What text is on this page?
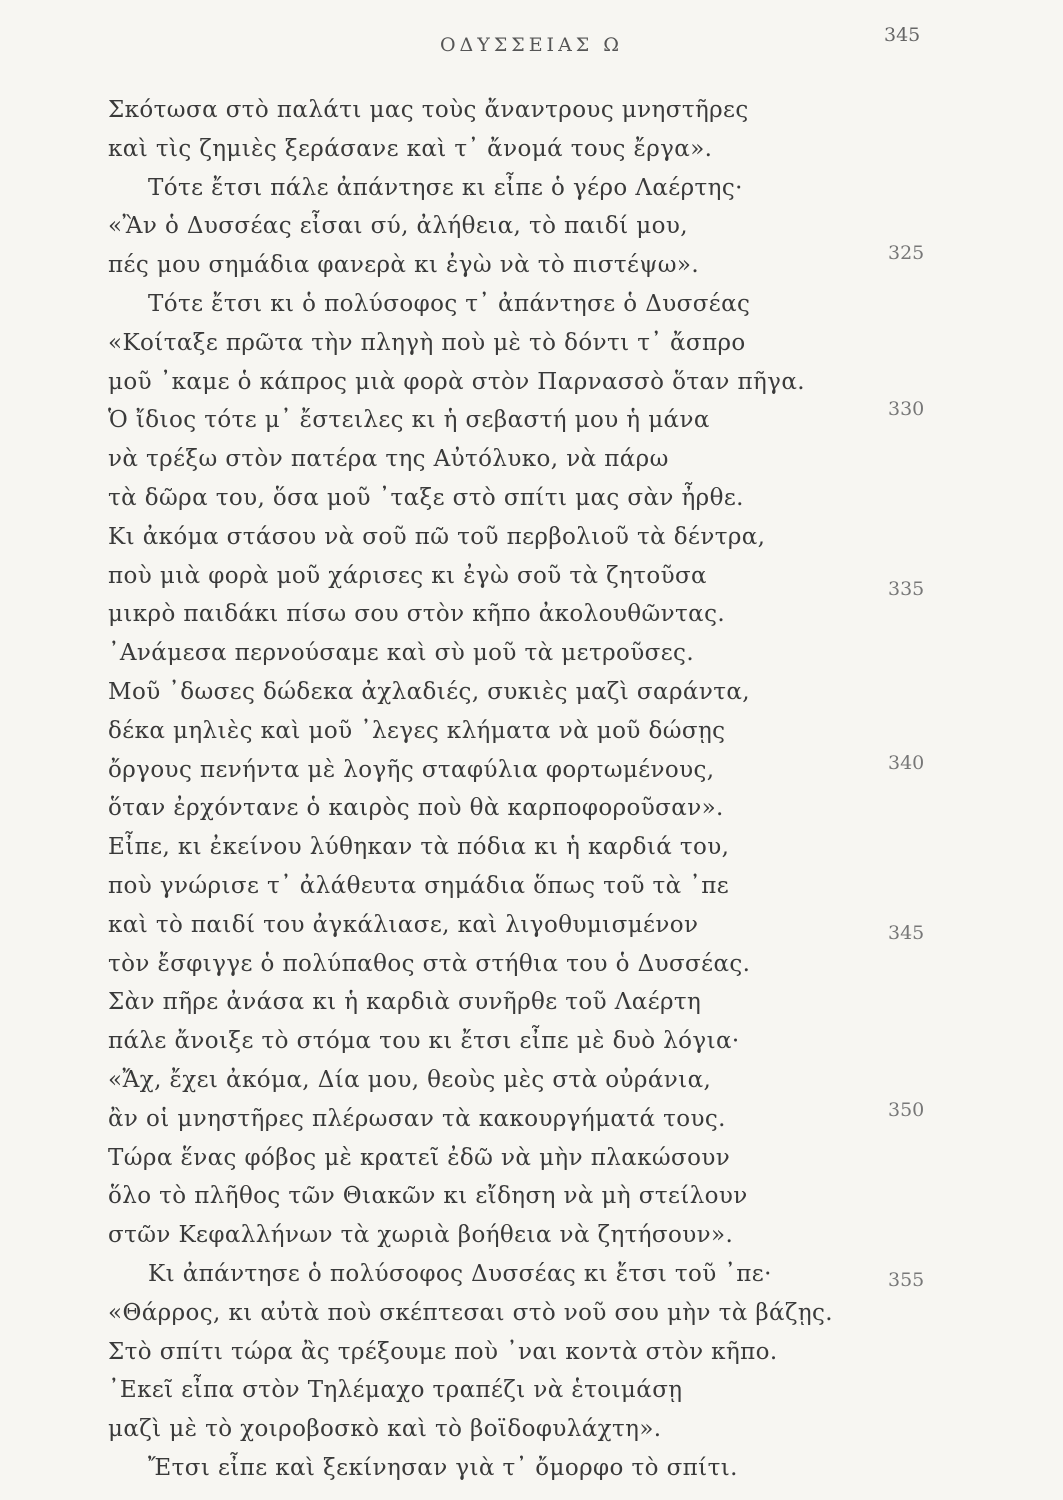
ΟΔΥΣΣΕΙΑΣ Ω	345
Σκότωσα στὸ παλάτι μας τοὺς ἄναντρους μνηστῆρες
καὶ τὶς ζημιὲς ξεράσανε καὶ τ᾿ ἄνομά τους ἔργα».
Τότε ἔτσι πάλε ἀπάντησε κι εἶπε ὁ γέρο Λαέρτης·
«Ἂν ὁ Δυσσέας εἶσαι σύ, ἀλήθεια, τὸ παιδί μου,
πές μου σημάδια φανερὰ κι ἐγὼ νὰ τὸ πιστέψω».
Τότε ἔτσι κι ὁ πολύσοφος τ᾿ ἀπάντησε ὁ Δυσσέας
«Κοίταξε πρῶτα τὴν πληγὴ ποὺ μὲ τὸ δόντι τ᾿ ἄσπρο
μοῦ ᾿καμε ὁ κάπρος μιὰ φορὰ στὸν Παρνασσὸ ὅταν πῆγα.
Ὁ ἴδιος τότε μ᾿ ἔστειλες κι ἡ σεβαστή μου ἡ μάνα
νὰ τρέξω στὸν πατέρα της Αὐτόλυκο, νὰ πάρω
τὰ δῶρα του, ὅσα μοῦ ᾿ταξε στὸ σπίτι μας σὰν ἦρθε.
Κι ἀκόμα στάσου νὰ σοῦ πῶ τοῦ περβολιοῦ τὰ δέντρα,
ποὺ μιὰ φορὰ μοῦ χάρισες κι ἐγὼ σοῦ τὰ ζητοῦσα
μικρὸ παιδάκι πίσω σου στὸν κῆπο ἀκολουθῶντας.
᾿Ανάμεσα περνούσαμε καὶ σὺ μοῦ τὰ μετροῦσες.
Μοῦ ᾿δωσες δώδεκα ἀχλαδιές, συκιὲς μαζὶ σαράντα,
δέκα μηλιὲς καὶ μοῦ ᾿λεγες κλήματα νὰ μοῦ δώσῃς
ὄργους πενήντα μὲ λογῆς σταφύλια φορτωμένους,
ὅταν ἐρχόντανε ὁ καιρὸς ποὺ θὰ καρποφοροῦσαν».
Εἶπε, κι ἐκείνου λύθηκαν τὰ πόδια κι ἡ καρδιά του,
ποὺ γνώρισε τ᾿ ἀλάθευτα σημάδια ὅπως τοῦ τὰ ᾿πε
καὶ τὸ παιδί του ἀγκάλιασε, καὶ λιγοθυμισμένον
τὸν ἔσφιγγε ὁ πολύπαθος στὰ στήθια του ὁ Δυσσέας.
Σὰν πῆρε ἀνάσα κι ἡ καρδιὰ συνῆρθε τοῦ Λαέρτη
πάλε ἄνοιξε τὸ στόμα του κι ἔτσι εἶπε μὲ δυὸ λόγια·
«Ἄχ, ἔχει ἀκόμα, Δία μου, θεοὺς μὲς στὰ οὐράνια,
ἂν οἱ μνηστῆρες πλέρωσαν τὰ κακουργήματά τους.
Τώρα ἕνας φόβος μὲ κρατεῖ ἐδῶ νὰ μὴν πλακώσουν
ὅλο τὸ πλῆθος τῶν Θιακῶν κι εἴδηση νὰ μὴ στείλουν
στῶν Κεφαλλήνων τὰ χωριὰ βοήθεια νὰ ζητήσουν».
Κι ἀπάντησε ὁ πολύσοφος Δυσσέας κι ἔτσι τοῦ ᾿πε·
«Θάρρος, κι αὐτὰ ποὺ σκέπτεσαι στὸ νοῦ σου μὴν τὰ βάζῃς.
Στὸ σπίτι τώρα ἂς τρέξουμε ποὺ ᾿ναι κοντὰ στὸν κῆπο.
᾿Εκεῖ εἶπα στὸν Τηλέμαχο τραπέζι νὰ ἑτοιμάσῃ
μαζὶ μὲ τὸ χοιροβοσκὸ καὶ τὸ βοϊδοφυλάχτη».
Ἔτσι εἶπε καὶ ξεκίνησαν γιὰ τ᾿ ὄμορφο τὸ σπίτι.
325
330
335
340
345
350
355
